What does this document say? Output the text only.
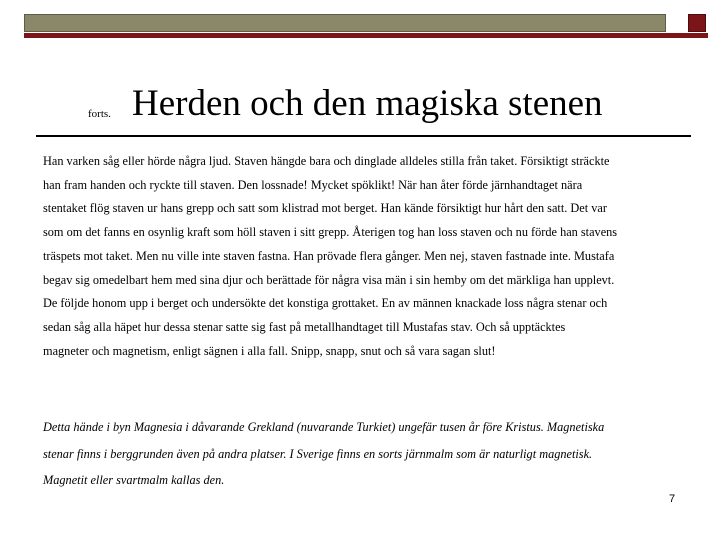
forts. Herden och den magiska stenen
Han varken såg eller hörde några ljud. Staven hängde bara och dinglade alldeles stilla från taket. Försiktigt sträckte
han fram handen och ryckte till staven. Den lossnade! Mycket spöklikt! När han åter förde järnhandtaget nära
stentaket flög staven ur hans grepp och satt som klistrad mot berget. Han kände försiktigt hur hårt den satt. Det var
som om det fanns en osynlig kraft som höll staven i sitt grepp. Återigen tog han loss staven och nu förde han stavens
träspets mot taket. Men nu ville inte staven fastna. Han prövade flera gånger. Men nej, staven fastnade inte. Mustafa
begav sig omedelbart hem med sina djur och berättade för några visa män i sin hemby om det märkliga han upplevt.
De följde honom upp i berget och undersökte det konstiga grottaket. En av männen knackade loss några stenar och
sedan såg alla häpet hur dessa stenar satte sig fast på metallhandtaget till Mustafas stav. Och så upptäcktes
magneter och magnetism, enligt sägnen i alla fall. Snipp, snapp, snut och så vara sagan slut!
Detta hände i byn Magnesia i dåvarande Grekland (nuvarande Turkiet) ungefär tusen år före Kristus. Magnetiska
stenar finns i berggrunden även på andra platser. I Sverige finns en sorts järnmalm som är naturligt magnetisk.
Magnetit eller svartmalm kallas den.
7
